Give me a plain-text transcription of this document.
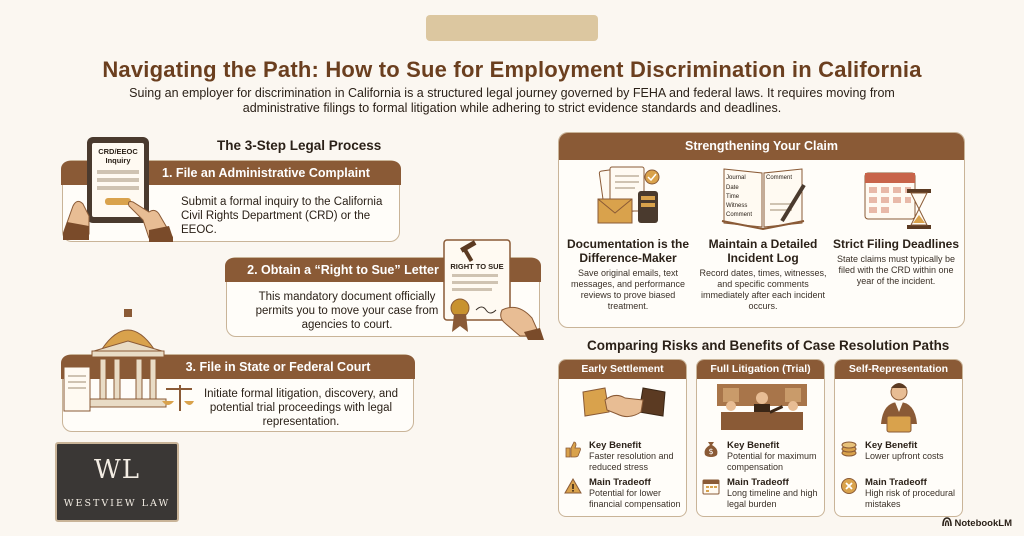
Navigating the Path: How to Sue for Employment Discrimination in California

Suing an employer for discrimination in California is a structured legal journey governed by FEHA and federal laws. It requires moving from administrative filings to formal litigation while adhering to strict evidence standards and deadlines.

The 3-Step Legal Process
1. File an Administrative Complaint
Submit a formal inquiry to the California Civil Rights Department (CRD) or the EEOC.
CRD/EEOC
Inquiry
2. Obtain a “Right to Sue” Letter
This mandatory document officially permits you to move your case from agencies to court.
RIGHT TO SUE
3. File in State or Federal Court
Initiate formal litigation, discovery, and potential trial proceedings with legal representation.
WL
WESTVIEW LAW
Strengthening Your Claim
Documentation is the Difference-Maker
Save original emails, text messages, and performance reviews to prove biased treatment.
Journal
Date
Time
Witness
Comment
Comment
Maintain a Detailed Incident Log
Record dates, times, witnesses, and specific comments immediately after each incident occurs.
Strict Filing Deadlines
State claims must typically be filed with the CRD within one year of the incident.
Comparing Risks and Benefits of Case Resolution Paths
Early Settlement
Key Benefit
Faster resolution and reduced stress
Main Tradeoff
Potential for lower financial compensation
Full Litigation (Trial)
$
Key Benefit
Potential for maximum compensation
Main Tradeoff
Long timeline and high legal burden
Self-Representation
Key Benefit
Lower upfront costs
Main Tradeoff
High risk of procedural mistakes
NotebookLM
